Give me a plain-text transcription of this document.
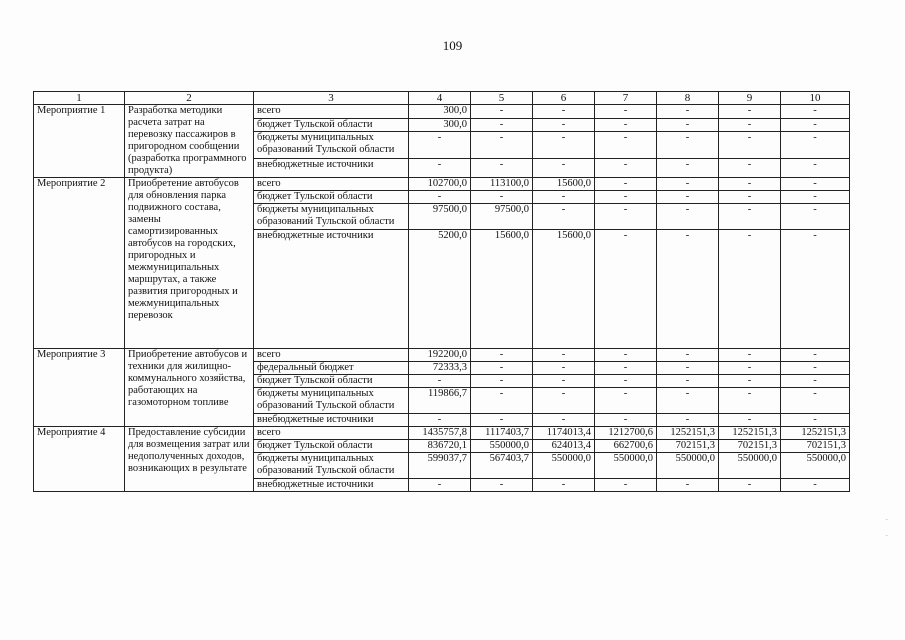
109
1	2	3	4	5	6	7	8	9	10
Мероприятие 1	Разработка методики расчета затрат на перевозку пассажиров в пригородном сообщении (разработка программного продукта)	всего	300,0	-	-	-	-	-	-
		бюджет Тульской области	300,0	-	-	-	-	-	-
		бюджеты муниципальных образований Тульской области	-	-	-	-	-	-	-
		внебюджетные источники	-	-	-	-	-	-	-
Мероприятие 2	Приобретение автобусов для обновления парка подвижного состава, замены самортизированных автобусов на городских, пригородных и межмуниципальных маршрутах, а также развития пригородных и межмуниципальных перевозок	всего	102700,0	113100,0	15600,0	-	-	-	-
		бюджет Тульской области	-	-	-	-	-	-	-
		бюджеты муниципальных образований Тульской области	97500,0	97500,0	-	-	-	-	-
		внебюджетные источники	5200,0	15600,0	15600,0	-	-	-	-
Мероприятие 3	Приобретение автобусов и техники для жилищно-коммунального хозяйства, работающих на газомоторном топливе	всего	192200,0	-	-	-	-	-	-
		федеральный бюджет	72333,3	-	-	-	-	-	-
		бюджет Тульской области	-	-	-	-	-	-	-
		бюджеты муниципальных образований Тульской области	119866,7	-	-	-	-	-	-
		внебюджетные источники	-	-	-	-	-	-	-
Мероприятие 4	Предоставление субсидии для возмещения затрат или недополученных доходов, возникающих в результате	всего	1435757,8	1117403,7	1174013,4	1212700,6	1252151,3	1252151,3	1252151,3
		бюджет Тульской области	836720,1	550000,0	624013,4	662700,6	702151,3	702151,3	702151,3
		бюджеты муниципальных образований Тульской области	599037,7	567403,7	550000,0	550000,0	550000,0	550000,0	550000,0
		внебюджетные источники	-	-	-	-	-	-	-
.
.
